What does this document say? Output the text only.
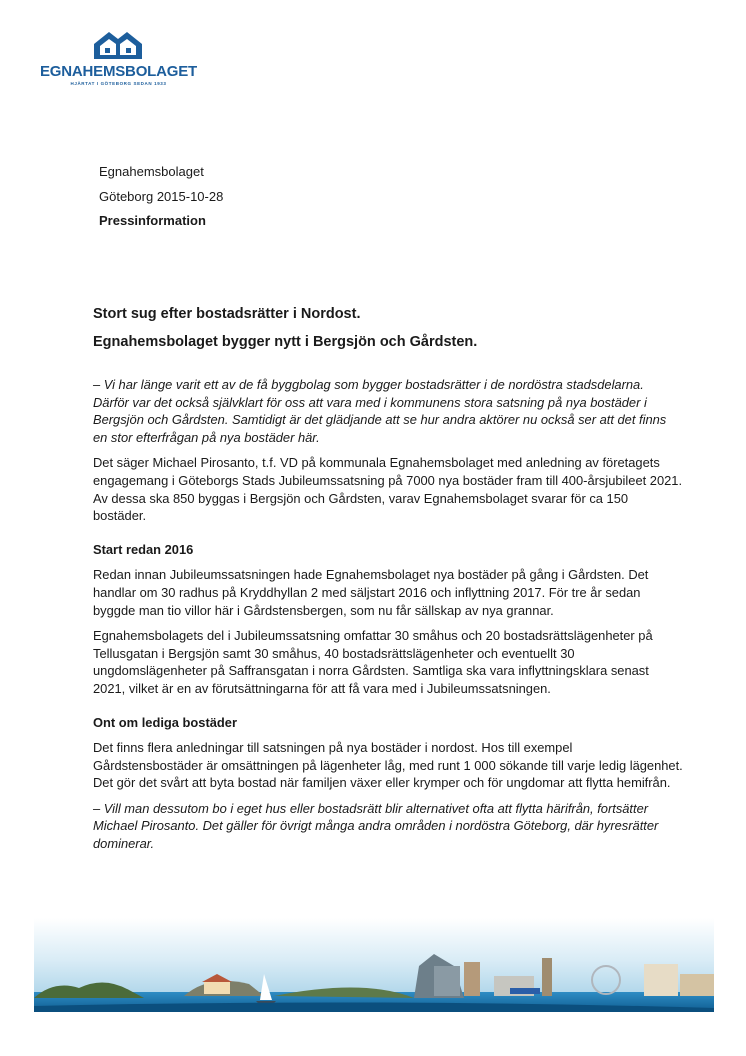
EGNAHEMSBOLAGET
HJÄRTAT I GÖTEBORG SEDAN 1933
Egnahemsbolaget
Göteborg 2015-10-28
Pressinformation
Stort sug efter bostadsrätter i Nordost.
Egnahemsbolaget bygger nytt i Bergsjön och Gårdsten.

– Vi har länge varit ett av de få byggbolag som bygger bostadsrätter i de nordöstra stadsdelarna. Därför var det också självklart för oss att vara med i kommunens stora satsning på nya bostäder i Bergsjön och Gårdsten. Samtidigt är det glädjande att se hur andra aktörer nu också ser att det finns en stor efterfrågan på nya bostäder här.

Det säger Michael Pirosanto, t.f. VD på kommunala Egnahemsbolaget med anledning av företagets engagemang i Göteborgs Stads Jubileumssatsning på 7000 nya bostäder fram till 400-årsjubileet 2021. Av dessa ska 850 byggas i Bergsjön och Gårdsten, varav Egnahemsbolaget svarar för ca 150 bostäder.

Start redan 2016

Redan innan Jubileumssatsningen hade Egnahemsbolaget nya bostäder på gång i Gårdsten. Det handlar om 30 radhus på Kryddhyllan 2 med säljstart 2016 och inflyttning 2017. För tre år sedan byggde man tio villor här i Gårdstensbergen, som nu får sällskap av nya grannar.

Egnahemsbolagets del i Jubileumssatsning omfattar 30 småhus och 20 bostadsrättslägenheter på Tellusgatan i Bergsjön samt 30 småhus, 40 bostadsrättslägenheter och eventuellt 30 ungdomslägenheter på Saffransgatan i norra Gårdsten. Samtliga ska vara inflyttningsklara senast 2021, vilket är en av förutsättningarna för att få vara med i Jubileumssatsningen.

Ont om lediga bostäder

Det finns flera anledningar till satsningen på nya bostäder i nordost. Hos till exempel Gårdstensbostäder är omsättningen på lägenheter låg, med runt 1 000 sökande till varje ledig lägenhet. Det gör det svårt att byta bostad när familjen växer eller krymper och för ungdomar att flytta hemifrån.

– Vill man dessutom bo i eget hus eller bostadsrätt blir alternativet ofta att flytta härifrån, fortsätter Michael Pirosanto. Det gäller för övrigt många andra områden i nordöstra Göteborg, där hyresrätter dominerar.
